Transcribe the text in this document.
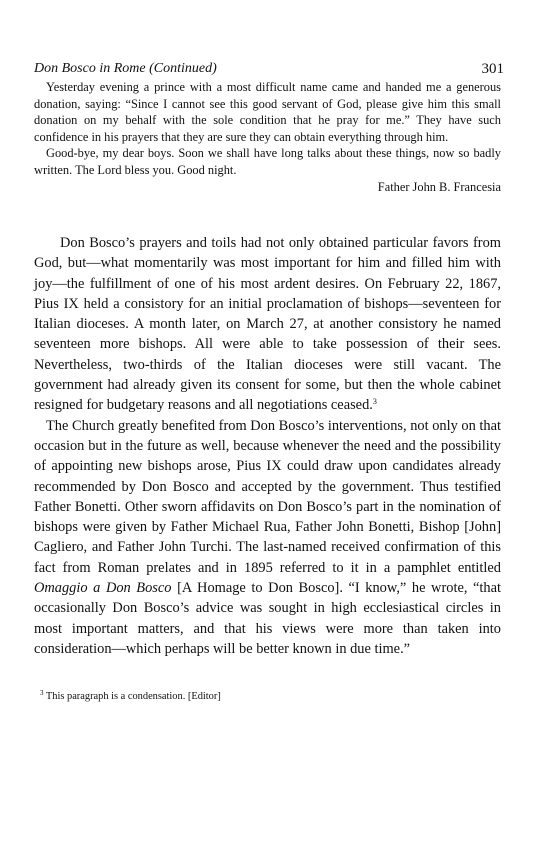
Don Bosco in Rome (Continued)	301

Yesterday evening a prince with a most difficult name came and handed me a generous donation, saying: “Since I cannot see this good servant of God, please give him this small donation on my behalf with the sole condition that he pray for me.” They have such confidence in his prayers that they are sure they can obtain everything through him.

Good-bye, my dear boys. Soon we shall have long talks about these things, now so badly written. The Lord bless you. Good night.

Father John B. Francesia

Don Bosco’s prayers and toils had not only obtained particular favors from God, but—what momentarily was most important for him and filled him with joy—the fulfillment of one of his most ardent desires. On February 22, 1867, Pius IX held a consistory for an initial proclamation of bishops—seventeen for Italian dioceses. A month later, on March 27, at another consistory he named seventeen more bishops. All were able to take possession of their sees. Nevertheless, two-thirds of the Italian dioceses were still vacant. The government had already given its consent for some, but then the whole cabinet resigned for budgetary reasons and all negotiations ceased.$^3$

The Church greatly benefited from Don Bosco’s interventions, not only on that occasion but in the future as well, because whenever the need and the possibility of appointing new bishops arose, Pius IX could draw upon candidates already recommended by Don Bosco and accepted by the government. Thus testified Father Bonetti. Other sworn affidavits on Don Bosco’s part in the nomination of bishops were given by Father Michael Rua, Father John Bonetti, Bishop [John] Cagliero, and Father John Turchi. The last-named received confirmation of this fact from Roman prelates and in 1895 referred to it in a pamphlet entitled Omaggio a Don Bosco [A Homage to Don Bosco]. “I know,” he wrote, “that occasionally Don Bosco’s advice was sought in high ecclesiastical circles in most important matters, and that his views were more than taken into consideration—which perhaps will be better known in due time.”

$^3$ This paragraph is a condensation. [Editor]
